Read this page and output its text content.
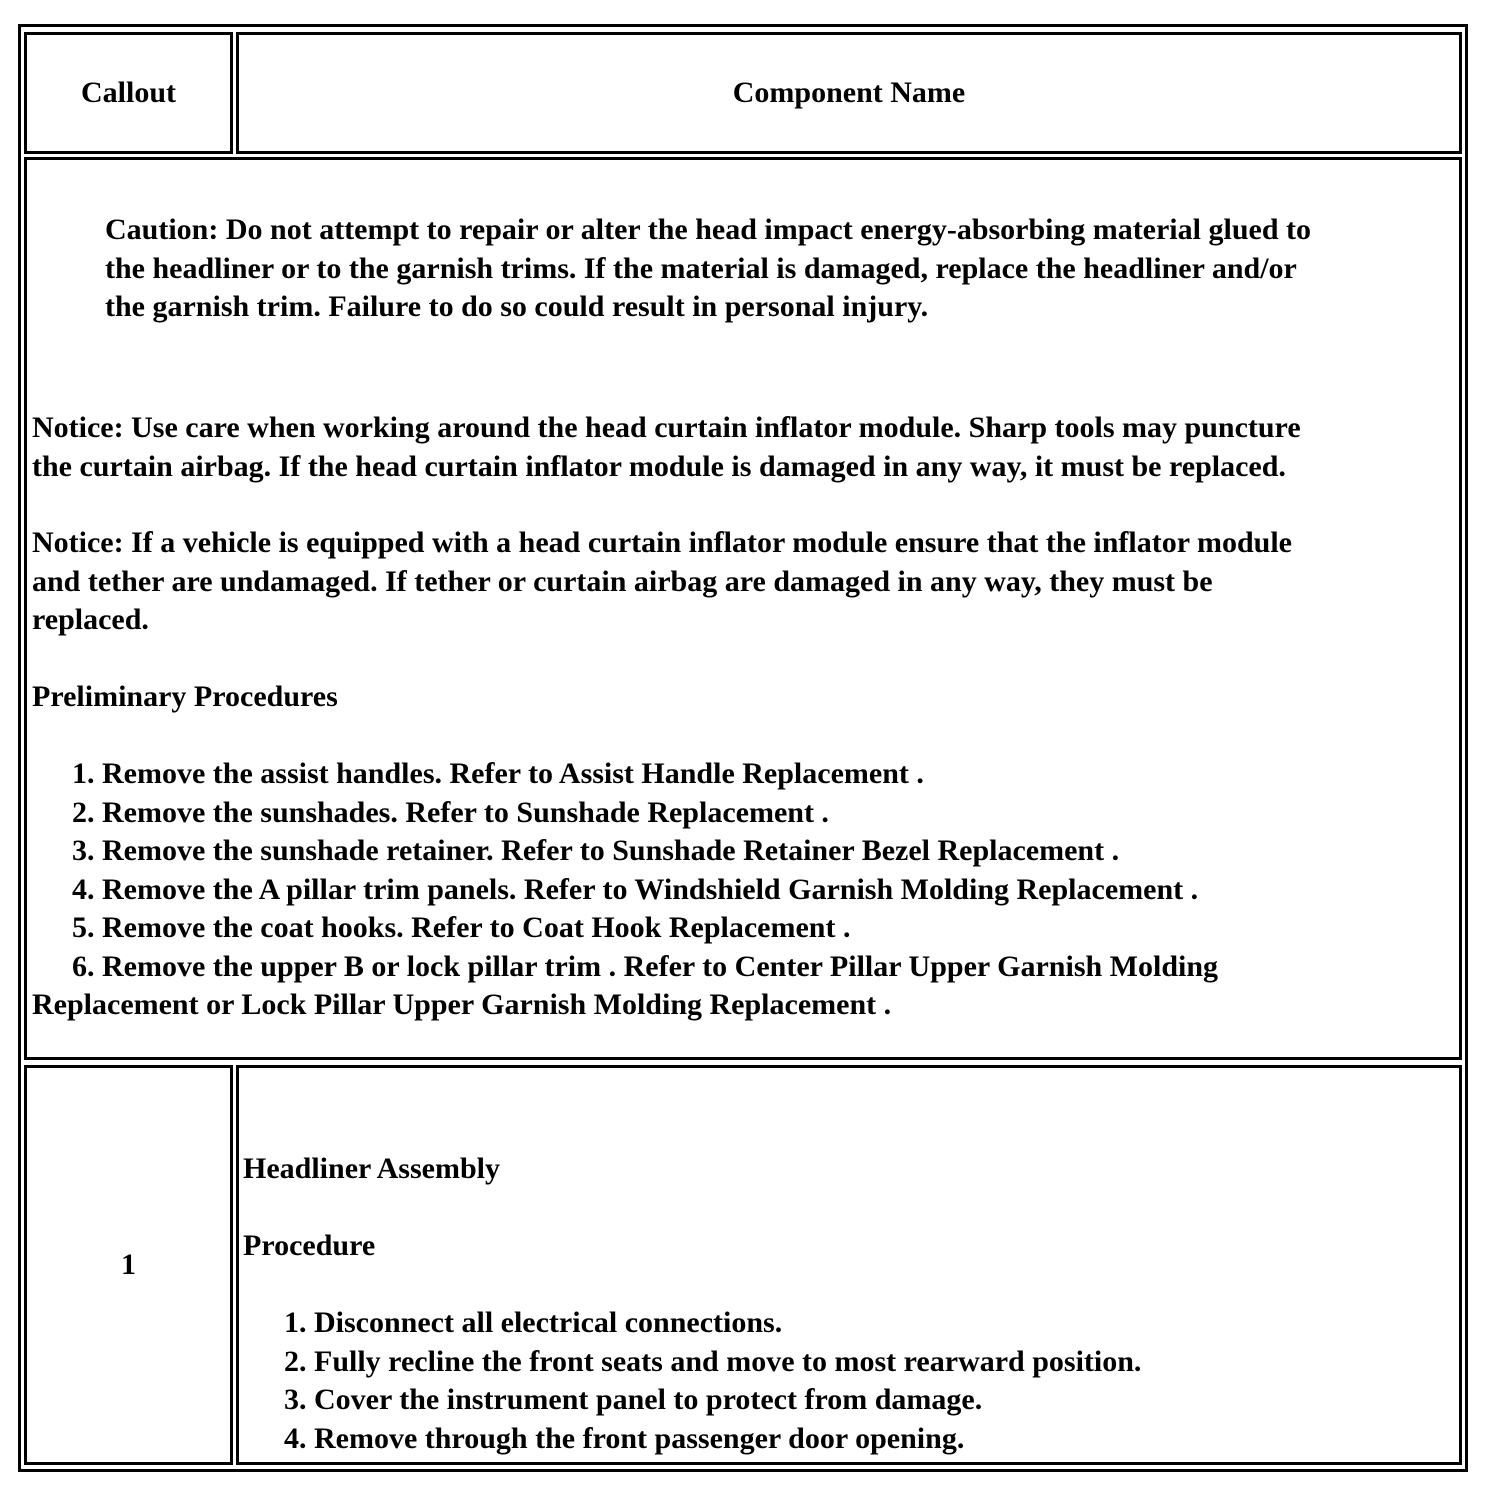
Callout	Component Name
Caution: Do not attempt to repair or alter the head impact energy-absorbing material glued to
the headliner or to the garnish trims. If the material is damaged, replace the headliner and/or
the garnish trim. Failure to do so could result in personal injury.
Notice: Use care when working around the head curtain inflator module. Sharp tools may puncture
the curtain airbag. If the head curtain inflator module is damaged in any way, it must be replaced.
Notice: If a vehicle is equipped with a head curtain inflator module ensure that the inflator module
and tether are undamaged. If tether or curtain airbag are damaged in any way, they must be
replaced.
Preliminary Procedures
1. Remove the assist handles. Refer to Assist Handle Replacement .
2. Remove the sunshades. Refer to Sunshade Replacement .
3. Remove the sunshade retainer. Refer to Sunshade Retainer Bezel Replacement .
4. Remove the A pillar trim panels. Refer to Windshield Garnish Molding Replacement .
5. Remove the coat hooks. Refer to Coat Hook Replacement .
6. Remove the upper B or lock pillar trim . Refer to Center Pillar Upper Garnish Molding
Replacement or Lock Pillar Upper Garnish Molding Replacement .
1
Headliner Assembly
Procedure
1. Disconnect all electrical connections.
2. Fully recline the front seats and move to most rearward position.
3. Cover the instrument panel to protect from damage.
4. Remove through the front passenger door opening.
